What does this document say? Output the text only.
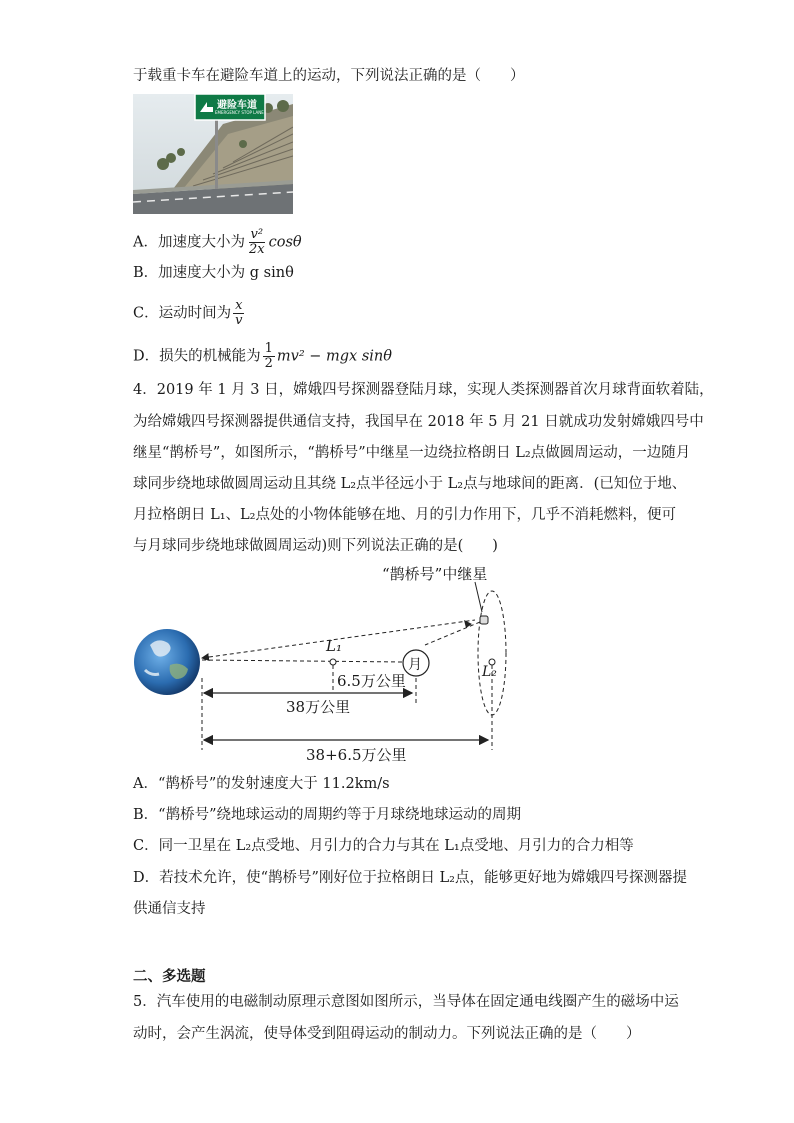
于载重卡车在避险车道上的运动，下列说法正确的是（　　）
避险车道
EMERGENCY STOP LANE
A．加速度大小为 $\frac{\text{v²}}{2x}$ cosθ
B．加速度大小为 g sinθ
C．运动时间为 $\frac{x}{v}$
D．损失的机械能为 $\frac{1}{2} mv^2$ − mgx sinθ
4．2019 年 1 月 3 日，嫦娥四号探测器登陆月球，实现人类探测器首次月球背面软着陆，
为给嫦娥四号探测器提供通信支持，我国早在 2018 年 5 月 21 日就成功发射嫦娥四号中
继星“鹊桥号”，如图所示，“鹊桥号”中继星一边绕拉格朗日 L₂点做圆周运动，一边随月
球同步绕地球做圆周运动且其绕 L₂点半径远小于 L₂点与地球间的距离．(已知位于地、
月拉格朗日 L₁、L₂点处的小物体能够在地、月的引力作用下，几乎不消耗燃料，便可
与月球同步绕地球做圆周运动)则下列说法正确的是(　　)
“鹊桥号”中继星
L₁
月	L₂
6.5万公里
38万公里
38+6.5万公里
A．“鹊桥号”的发射速度大于 11.2km/s
B．“鹊桥号”绕地球运动的周期约等于月球绕地球运动的周期
C．同一卫星在 L₂点受地、月引力的合力与其在 L₁点受地、月引力的合力相等
D．若技术允许，使“鹊桥号”刚好位于拉格朗日 L₂点，能够更好地为嫦娥四号探测器提
供通信支持
二、多选题
5．汽车使用的电磁制动原理示意图如图所示，当导体在固定通电线圈产生的磁场中运
动时，会产生涡流，使导体受到阻碍运动的制动力。下列说法正确的是（　　）
